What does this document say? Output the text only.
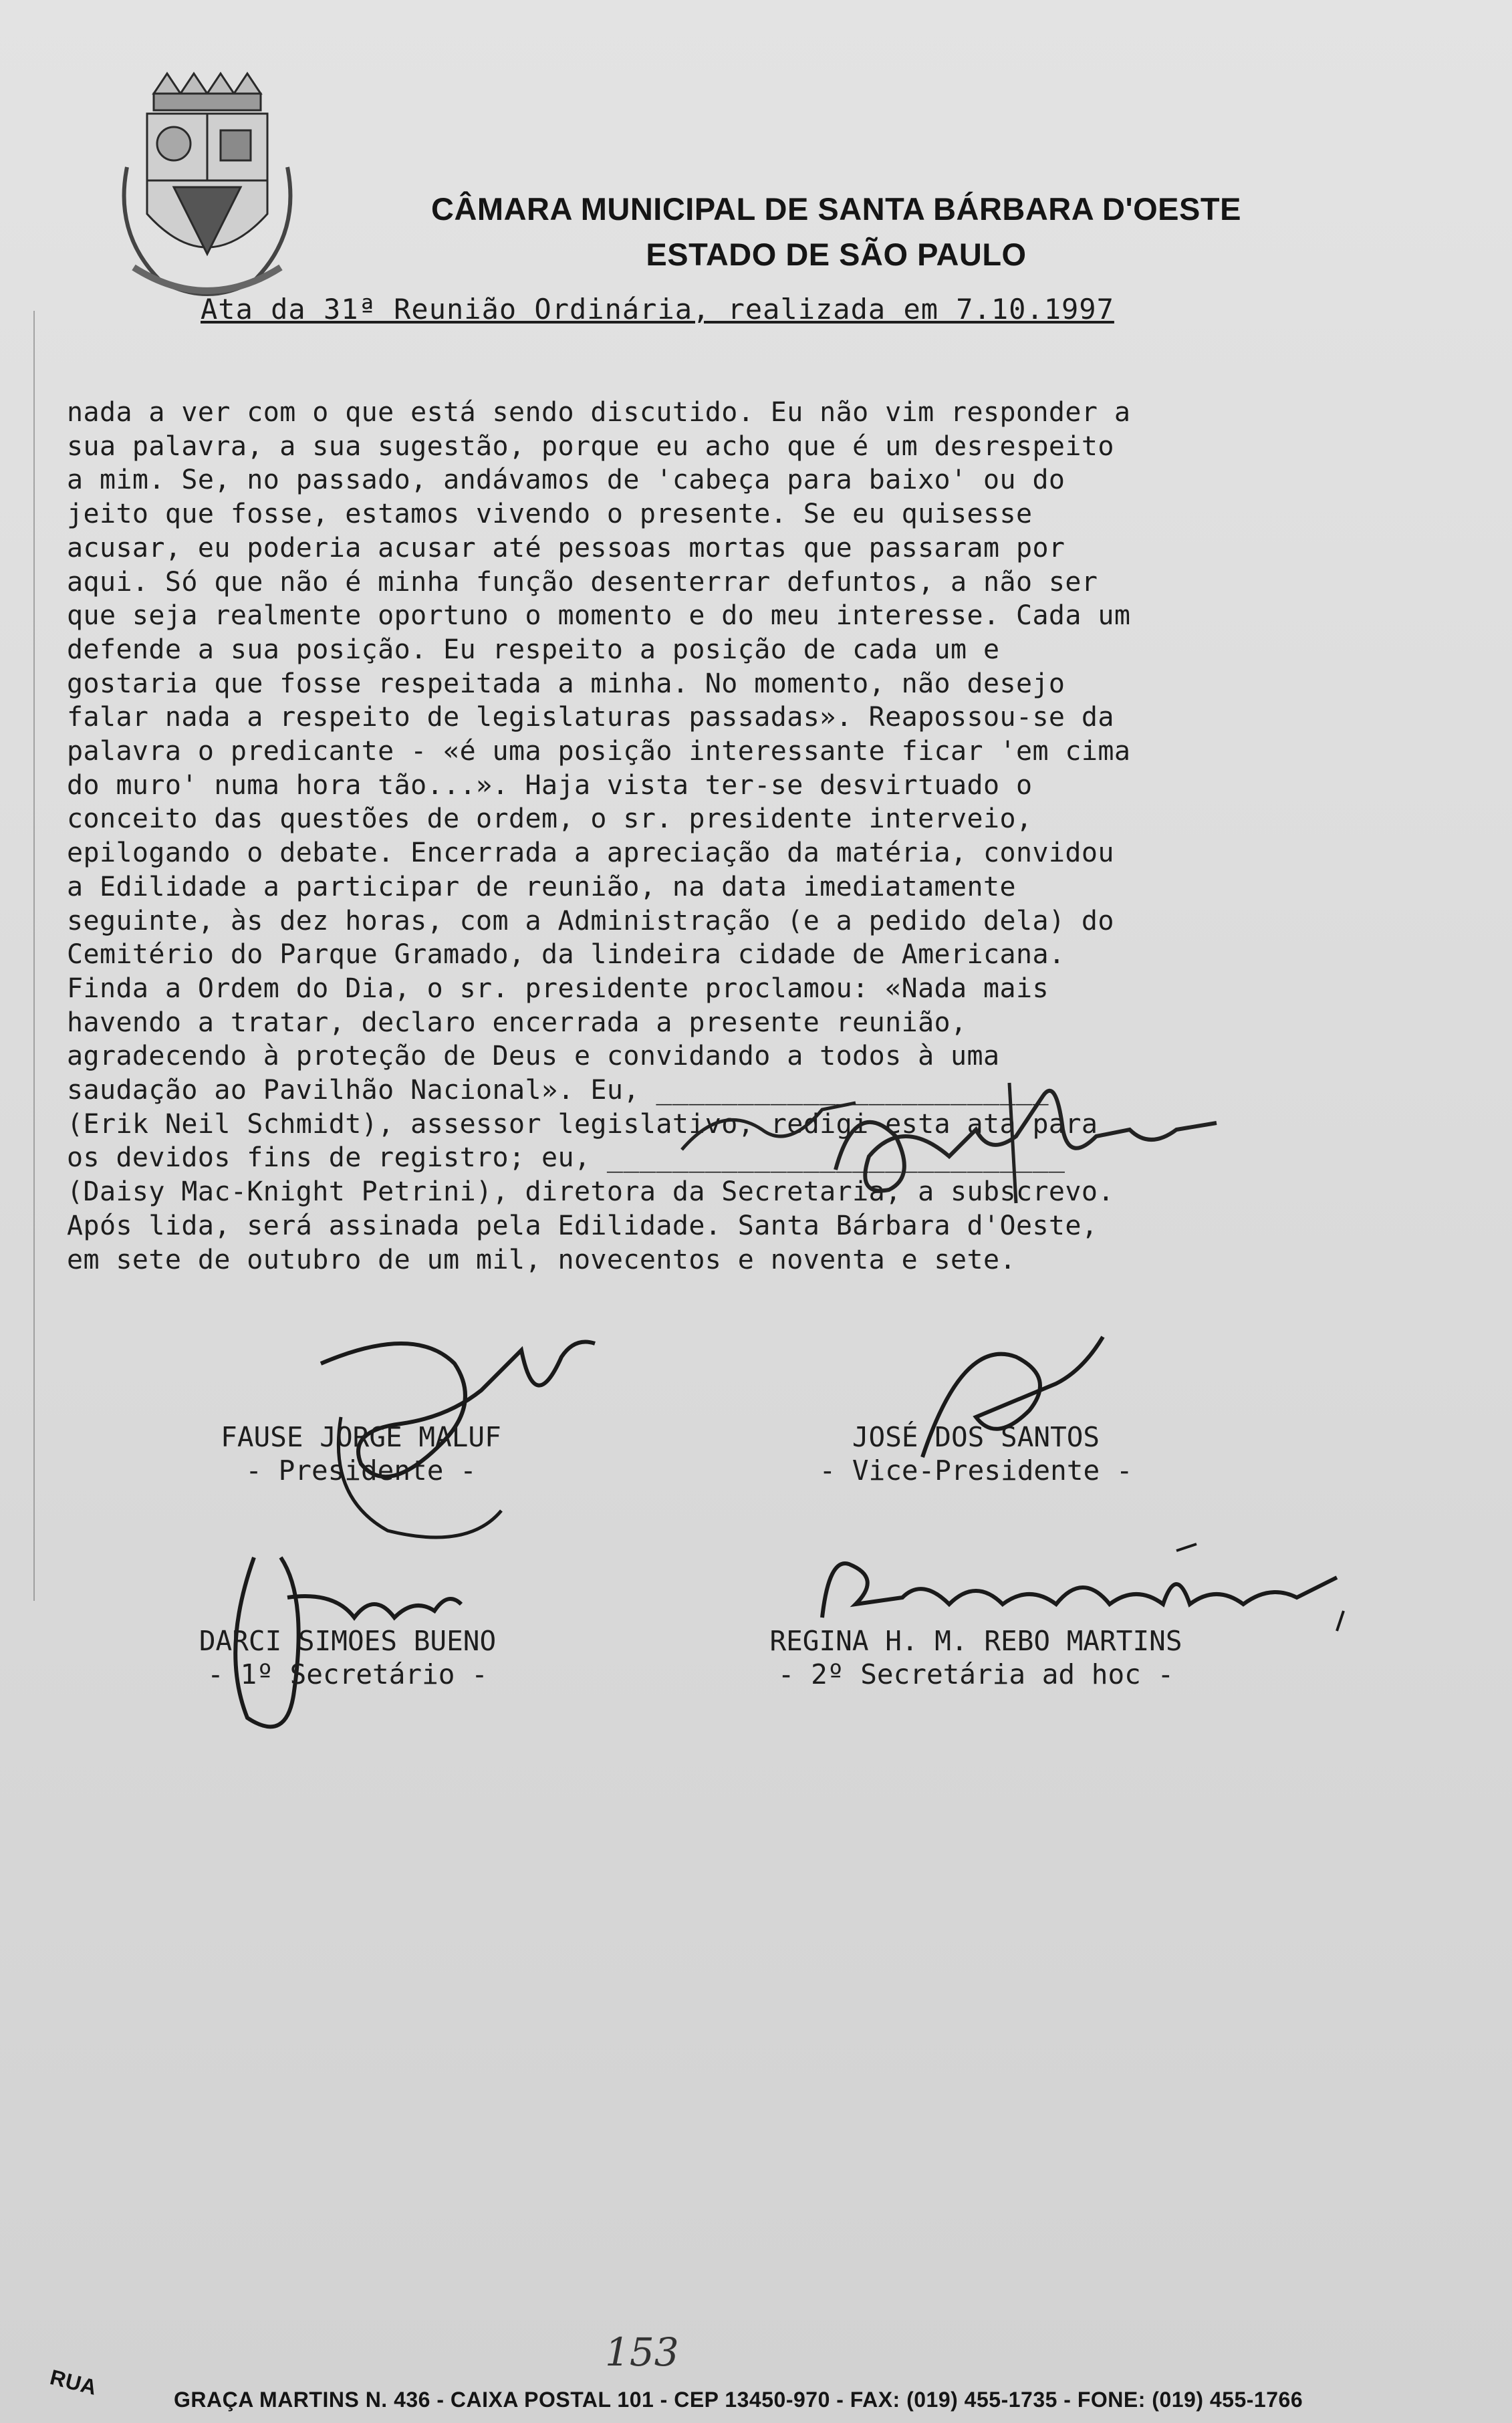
CÂMARA MUNICIPAL DE SANTA BÁRBARA D'OESTE
ESTADO DE SÃO PAULO
Ata da 31ª Reunião Ordinária, realizada em 7.10.1997

nada a ver com o que está sendo discutido. Eu não vim responder a

sua palavra, a sua sugestão, porque eu acho que é um desrespeito

a mim. Se, no passado, andávamos de 'cabeça para baixo' ou do

jeito que fosse, estamos vivendo o presente. Se eu quisesse

acusar, eu poderia acusar até pessoas mortas que passaram por

aqui. Só que não é minha função desenterrar defuntos, a não ser

que seja realmente oportuno o momento e do meu interesse. Cada um

defende a sua posição. Eu respeito a posição de cada um e

gostaria que fosse respeitada a minha. No momento, não desejo

falar nada a respeito de legislaturas passadas». Reapossou-se da

palavra o predicante - «é uma posição interessante ficar 'em cima

do muro' numa hora tão...». Haja vista ter-se desvirtuado o

conceito das questões de ordem, o sr. presidente interveio,

epilogando o debate. Encerrada a apreciação da matéria, convidou

a Edilidade a participar de reunião, na data imediatamente

seguinte, às dez horas, com a Administração (e a pedido dela) do

Cemitério do Parque Gramado, da lindeira cidade de Americana.

Finda a Ordem do Dia, o sr. presidente proclamou: «Nada mais

havendo a tratar, declaro encerrada a presente reunião,

agradecendo à proteção de Deus e convidando a todos à uma

saudação ao Pavilhão Nacional». Eu, ________________________

(Erik Neil Schmidt), assessor legislativo, redigi esta ata para

os devidos fins de registro; eu, ____________________________

(Daisy Mac-Knight Petrini), diretora da Secretaria, a subscrevo.

Após lida, será assinada pela Edilidade. Santa Bárbara d'Oeste,

em sete de outubro de um mil, novecentos e noventa e sete.

FAUSE JORGE MALUF
- Presidente -
JOSÉ DOS SANTOS
- Vice-Presidente -
DARCI SIMOES BUENO
- 1º Secretário -
REGINA H. M. REBO MARTINS
- 2º Secretária ad hoc -
153
RUA	GRAÇA MARTINS N. 436 - CAIXA POSTAL 101 - CEP 13450-970 - FAX: (019) 455-1735 - FONE: (019) 455-1766
